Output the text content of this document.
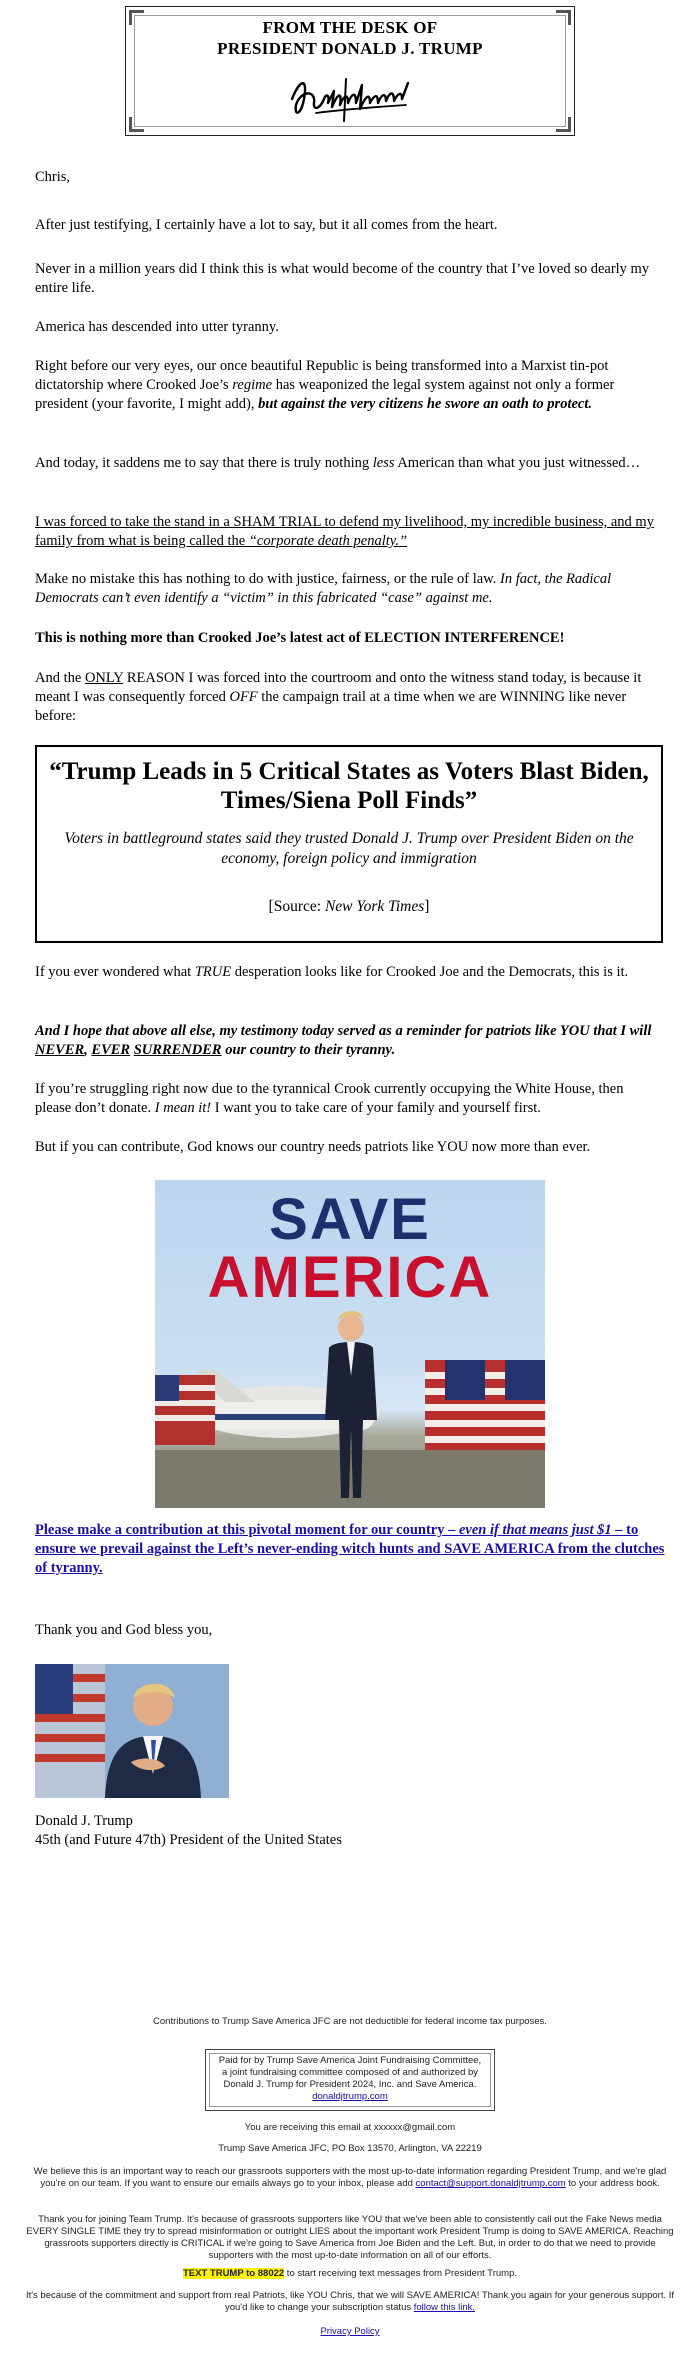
FROM THE DESK OF
PRESIDENT DONALD J. TRUMP

Chris,

After just testifying, I certainly have a lot to say, but it all comes from the heart.

Never in a million years did I think this is what would become of the country that I’ve loved so dearly my entire life.

America has descended into utter tyranny.

Right before our very eyes, our once beautiful Republic is being transformed into a Marxist tin-pot dictatorship where Crooked Joe’s regime has weaponized the legal system against not only a former president (your favorite, I might add), but against the very citizens he swore an oath to protect.

And today, it saddens me to say that there is truly nothing less American than what you just witnessed…

I was forced to take the stand in a SHAM TRIAL to defend my livelihood, my incredible business, and my family from what is being called the “corporate death penalty.”

Make no mistake this has nothing to do with justice, fairness, or the rule of law. In fact, the Radical Democrats can’t even identify a “victim” in this fabricated “case” against me.

This is nothing more than Crooked Joe’s latest act of ELECTION INTERFERENCE!

And the ONLY REASON I was forced into the courtroom and onto the witness stand today, is because it meant I was consequently forced OFF the campaign trail at a time when we are WINNING like never before:

“Trump Leads in 5 Critical States as Voters Blast Biden, Times/Siena Poll Finds”
Voters in battleground states said they trusted Donald J. Trump over President Biden on the economy, foreign policy and immigration
[Source: New York Times]

If you ever wondered what TRUE desperation looks like for Crooked Joe and the Democrats, this is it.

And I hope that above all else, my testimony today served as a reminder for patriots like YOU that I will NEVER, EVER SURRENDER our country to their tyranny.

If you’re struggling right now due to the tyrannical Crook currently occupying the White House, then please don’t donate. I mean it! I want you to take care of your family and yourself first.

But if you can contribute, God knows our country needs patriots like YOU now more than ever.

SAVE
AMERICA
Please make a contribution at this pivotal moment for our country – even if that means just $1 – to ensure we prevail against the Left’s never-ending witch hunts and SAVE AMERICA from the clutches of tyranny.

Thank you and God bless you,

Donald J. Trump

45th (and Future 47th) President of the United States

Contributions to Trump Save America JFC are not deductible for federal income tax purposes.

Paid for by Trump Save America Joint Fundraising Committee, a joint fundraising committee composed of and authorized by Donald J. Trump for President 2024, Inc. and Save America.
donaldjtrump.com

You are receiving this email at xxxxxx@gmail.com

Trump Save America JFC, PO Box 13570, Arlington, VA 22219

We believe this is an important way to reach our grassroots supporters with the most up-to-date information regarding President Trump, and we're glad you're on our team. If you want to ensure our emails always go to your inbox, please add contact@support.donaldjtrump.com to your address book.

Thank you for joining Team Trump. It's because of grassroots supporters like YOU that we've been able to consistently call out the Fake News media EVERY SINGLE TIME they try to spread misinformation or outright LIES about the important work President Trump is doing to SAVE AMERICA. Reaching grassroots supporters directly is CRITICAL if we're going to Save America from Joe Biden and the Left. But, in order to do that we need to provide supporters with the most up-to-date information on all of our efforts.

TEXT TRUMP to 88022 to start receiving text messages from President Trump.

It's because of the commitment and support from real Patriots, like YOU Chris, that we will SAVE AMERICA! Thank you again for your generous support. If you'd like to change your subscription status follow this link.

Privacy Policy
